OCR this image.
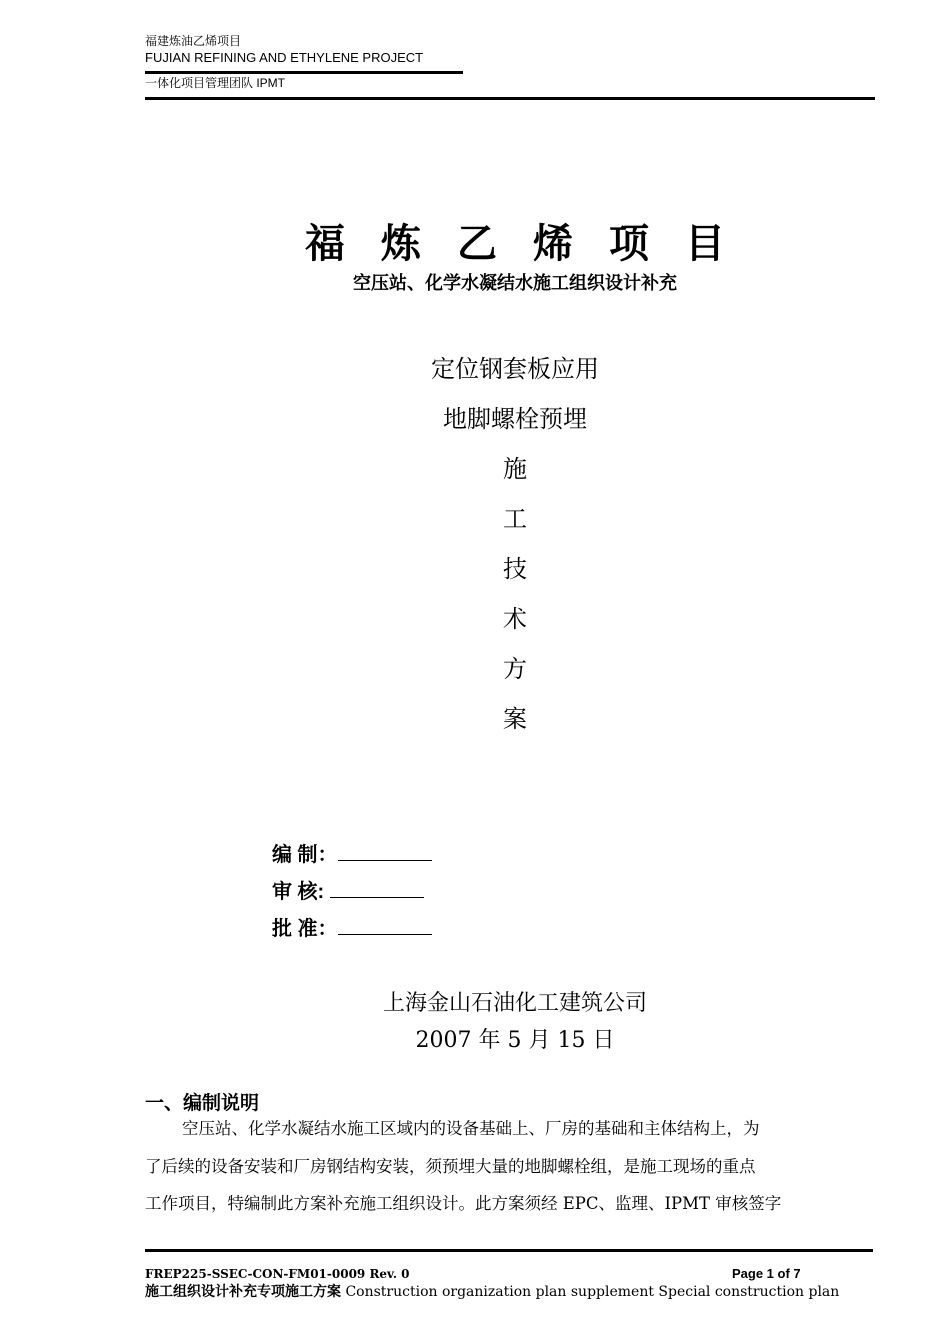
福建炼油乙烯项目
FUJIAN REFINING AND ETHYLENE PROJECT
一体化项目管理团队 IPMT
福炼乙烯项目
空压站、化学水凝结水施工组织设计补充
定位钢套板应用
地脚螺栓预埋
施
工
技
术
方
案
编 制：
审 核:
批 准：
上海金山石油化工建筑公司
2007 年 5 月 15 日
一、编制说明
空压站、化学水凝结水施工区域内的设备基础上、厂房的基础和主体结构上，为
了后续的设备安装和厂房钢结构安装，须预埋大量的地脚螺栓组，是施工现场的重点
工作项目，特编制此方案补充施工组织设计。此方案须经 EPC、监理、IPMT 审核签字
FREP225-SSEC-CON-FM01-0009 Rev. 0	Page 1 of 7
施工组织设计补充专项施工方案 Construction organization plan supplement Special construction plan
